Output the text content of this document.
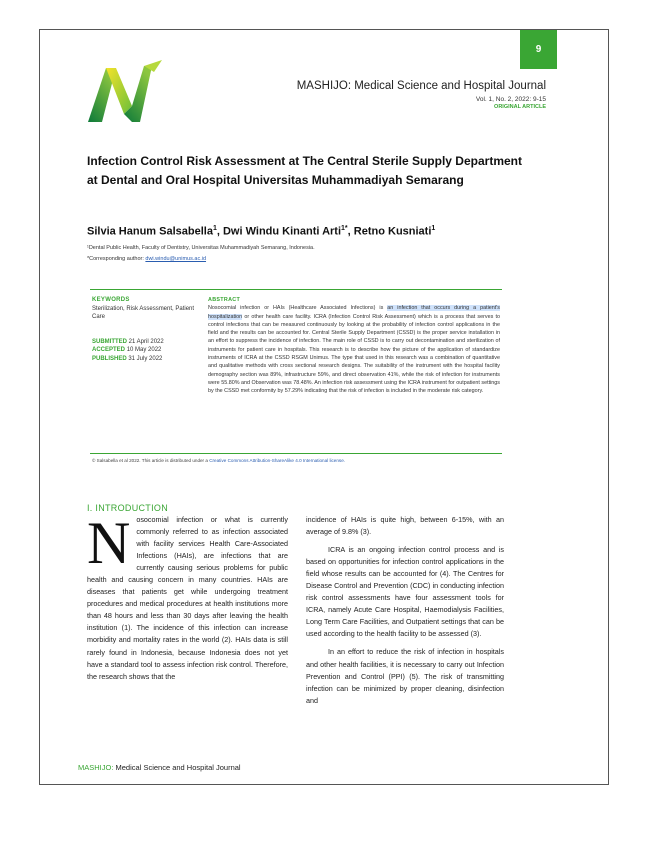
9
MASHIJO: Medical Science and Hospital Journal
Vol. 1, No. 2, 2022: 9-15
ORIGINAL ARTICLE
Infection Control Risk Assessment at The Central Sterile Supply Department at Dental and Oral Hospital Universitas Muhammadiyah Semarang
Silvia Hanum Salsabella$^1$, Dwi Windu Kinanti Arti$^{1*}$, Retno Kusniati$^1$
¹Dental Public Health, Faculty of Dentistry, Universitas Muhammadiyah Semarang, Indonesia.
*Corresponding author: dwi.windu@unimus.ac.id
KEYWORDS
Sterilization, Risk Assessment, Patient Care
SUBMITTED 21 April 2022
ACCEPTED 10 May 2022
PUBLISHED 31 July 2022
ABSTRACT
Nosocomial infection or HAIs (Healthcare Associated Infections) is an infection that occurs during a patient's hospitalization or other health care facility. ICRA (Infection Control Risk Assessment) which is a process that serves to control infections that can be measured continuously by looking at the probability of infection control applications in the field and the results can be accounted for. Central Sterile Supply Department (CSSD) is the proper service installation in an effort to suppress the incidence of infection. The main role of CSSD is to carry out decontamination and sterilization of instruments for patient care in hospitals. This research is to describe how the picture of the application of standardize instruments of ICRA at the CSSD RSGM Unimus. The type that used in this research was a combination of quantitative and qualitative methods with cross sectional research designs. The suitability of the instrument with the hospital facility demography section was 89%, infrastructure 59%, and direct observation 41%, while the risk of infection for instruments were 55.80% and Observation was 78.48%. An infection risk assessment using the ICRA instrument for outpatient settings by the CSSD met conformity by 57.29% indicating that the risk of infection is included in the moderate risk category.
© Salsabella et al 2022. This article is distributed under a Creative Commons Attribution-ShareAlike 4.0 International license.
I. INTRODUCTION
N osocomial infection or what is currently commonly referred to as infection associated with facility services Health Care-Associated Infections (HAIs), are infections that are currently causing serious problems for public health and causing concern in many countries. HAIs are diseases that patients get while undergoing treatment procedures and medical procedures at health institutions more than 48 hours and less than 30 days after leaving the health institution (1). The incidence of this infection can increase morbidity and mortality rates in the world (2). HAIs data is still rarely found in Indonesia, because Indonesia does not yet have a standard tool to assess infection risk control. Therefore, the research shows that the

incidence of HAIs is quite high, between 6-15%, with an average of 9.8% (3).

ICRA is an ongoing infection control process and is based on opportunities for infection control applications in the field whose results can be accounted for (4). The Centres for Disease Control and Prevention (CDC) in conducting infection risk control assessments have four assessment tools for ICRA, namely Acute Care Hospital, Haemodialysis Facilities, Long Term Care Facilities, and Outpatient settings that can be used according to the health facility to be assessed (3).

In an effort to reduce the risk of infection in hospitals and other health facilities, it is necessary to carry out Infection Prevention and Control (PPI) (5). The risk of transmitting infection can be minimized by proper cleaning, disinfection and

MASHIJO: Medical Science and Hospital Journal
